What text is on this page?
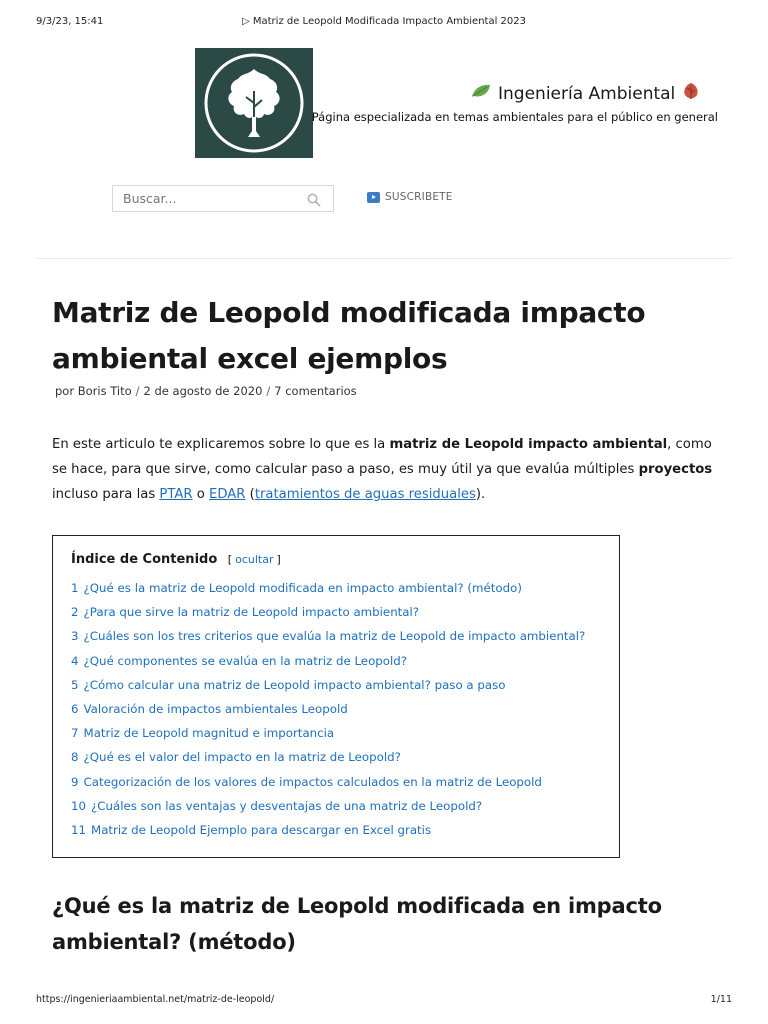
9/3/23, 15:41	▷ Matriz de Leopold Modificada Impacto Ambiental 2023
Ingeniería Ambiental
Página especializada en temas ambientales para el público en general
Buscar...
SUSCRIBETE
Matriz de Leopold modificada impacto ambiental excel ejemplos
por Boris Tito / 2 de agosto de 2020 / 7 comentarios

En este articulo te explicaremos sobre lo que es la matriz de Leopold impacto ambiental, como se hace, para que sirve, como calcular paso a paso, es muy útil ya que evalúa múltiples proyectos incluso para las PTAR o EDAR (tratamientos de aguas residuales).

Índice de Contenido [ ocultar ]
1 ¿Qué es la matriz de Leopold modificada en impacto ambiental? (método)
2 ¿Para que sirve la matriz de Leopold impacto ambiental?
3 ¿Cuáles son los tres criterios que evalúa la matriz de Leopold de impacto ambiental?
4 ¿Qué componentes se evalúa en la matriz de Leopold?
5 ¿Cómo calcular una matriz de Leopold impacto ambiental? paso a paso
6 Valoración de impactos ambientales Leopold
7 Matriz de Leopold magnitud e importancia
8 ¿Qué es el valor del impacto en la matriz de Leopold?
9 Categorización de los valores de impactos calculados en la matriz de Leopold
10 ¿Cuáles son las ventajas y desventajas de una matriz de Leopold?
11 Matriz de Leopold Ejemplo para descargar en Excel gratis
¿Qué es la matriz de Leopold modificada en impacto ambiental? (método)
https://ingenieriaambiental.net/matriz-de-leopold/	1/11
